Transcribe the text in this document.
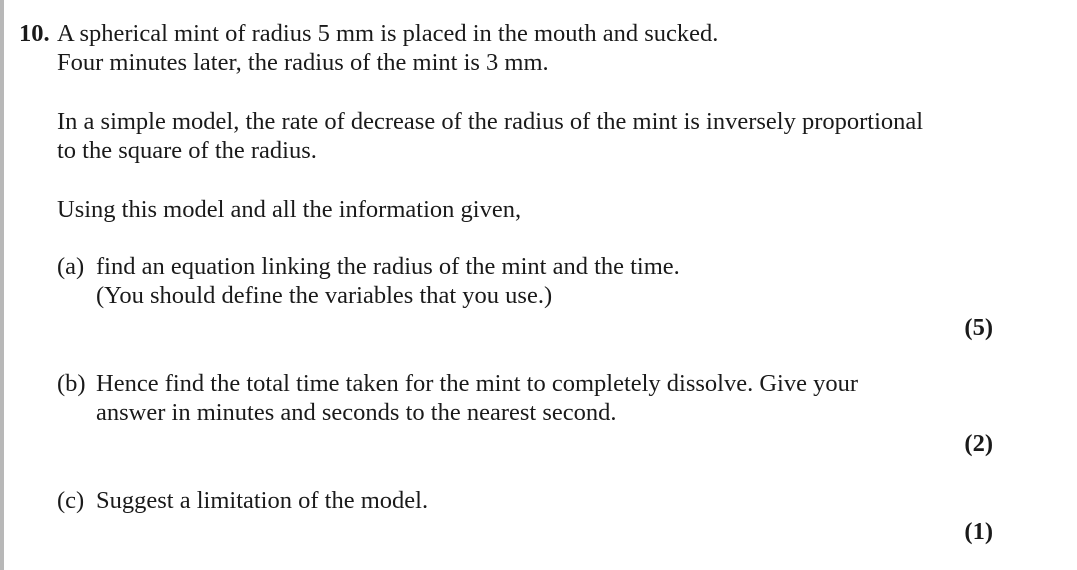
10. A spherical mint of radius 5 mm is placed in the mouth and sucked.
Four minutes later, the radius of the mint is 3 mm.
In a simple model, the rate of decrease of the radius of the mint is inversely proportional
to the square of the radius.
Using this model and all the information given,
(a) find an equation linking the radius of the mint and the time.
(You should define the variables that you use.)
(5)
(b) Hence find the total time taken for the mint to completely dissolve. Give your
answer in minutes and seconds to the nearest second.
(2)
(c) Suggest a limitation of the model.
(1)
